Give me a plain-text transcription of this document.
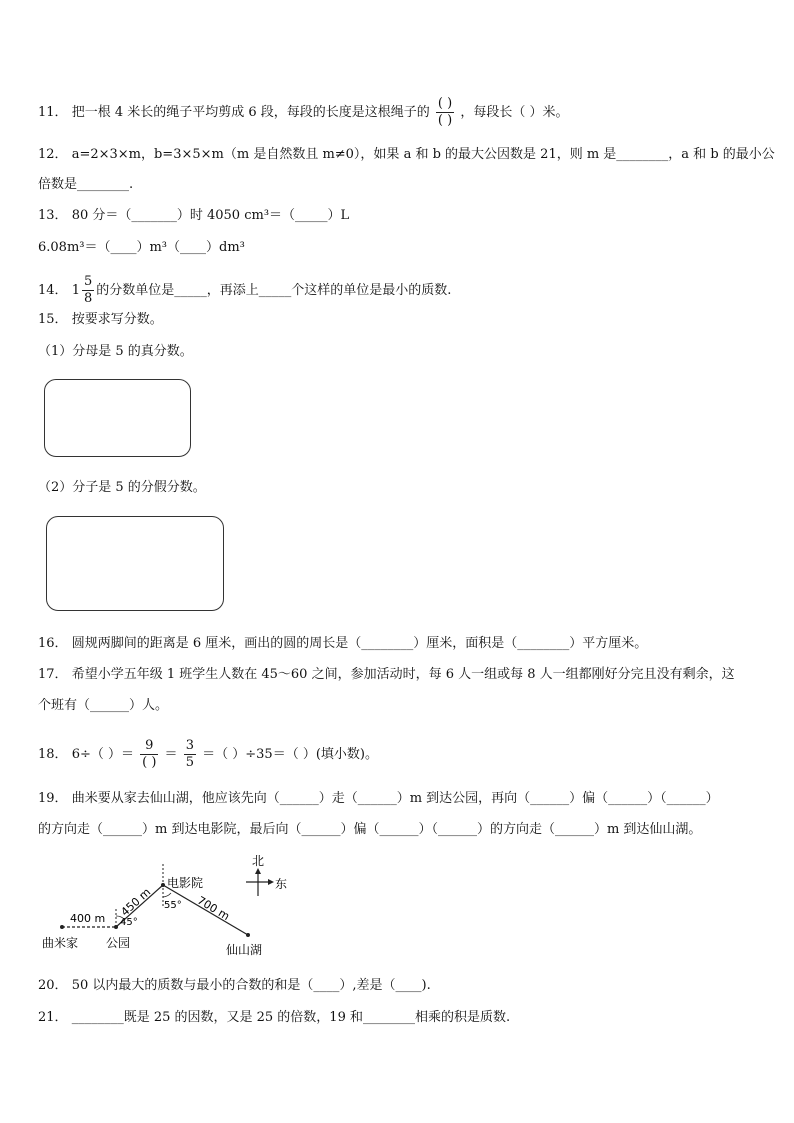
11． 把一根 4 米长的绳子平均剪成 6 段，每段的长度是这根绳子的 $\frac{( )}{( )}$ ，每段长（ ）米。
12． a=2×3×m，b=3×5×m（m 是自然数且 m≠0），如果 a 和 b 的最大公因数是 21，则 m 是________，a 和 b 的最小公
倍数是________.
13． 80 分＝（_______）时 4050 cm³＝（_____）L
6.08m³＝（____）m³（____）dm³
14． $1 \frac{5}{8}$ 的分数单位是_____，再添上_____个这样的单位是最小的质数.
15． 按要求写分数。
（1）分母是 5 的真分数。
（2）分子是 5 的分假分数。
16． 圆规两脚间的距离是 6 厘米，画出的圆的周长是（________）厘米，面积是（________）平方厘米。
17． 希望小学五年级 1 班学生人数在 45～60 之间，参加活动时，每 6 人一组或每 8 人一组都刚好分完且没有剩余，这
个班有（______）人。
18． 6÷（ ）＝ $\frac{9}{( )} = \frac{3}{5}$ ＝（ ）÷35＝（ ）(填小数)。
19． 曲米要从家去仙山湖，他应该先向（______）走（______）m 到达公园，再向（______）偏（______）（______）
的方向走（______）m 到达电影院，最后向（______）偏（______）（______）的方向走（______）m 到达仙山湖。
400 m 450 m	700 m
45°
55°
电影院
曲米家 公园	仙山湖
北
东
20． 50 以内最大的质数与最小的合数的和是（____）,差是（____).
21． ________既是 25 的因数，又是 25 的倍数，19 和________相乘的积是质数.
